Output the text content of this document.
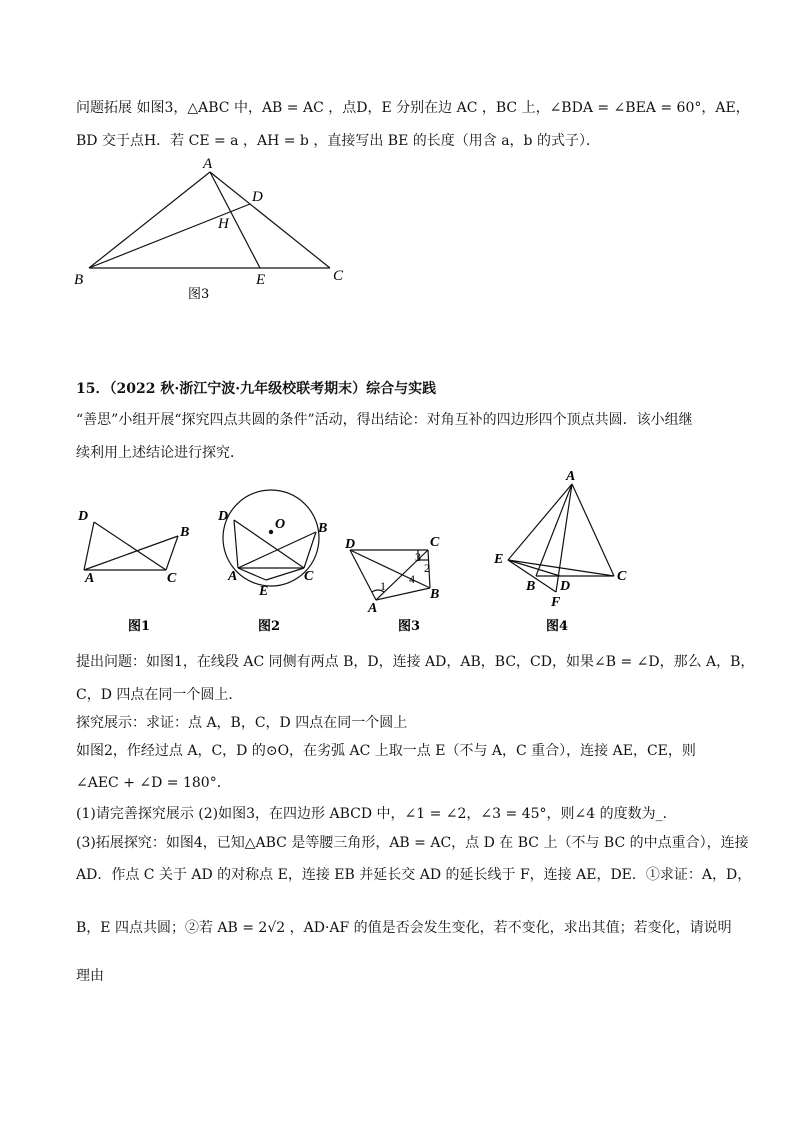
问题拓展 如图3，△ABC 中，AB = AC ，点D，E 分别在边 AC ，BC 上，∠BDA = ∠BEA = 60°，AE，
BD 交于点H．若 CE = a ，AH = b ，直接写出 BE 的长度（用含 a，b 的式子）．
A
D
H
B	E	C
图3
15．（2022 秋·浙江宁波·九年级校联考期末）综合与实践
“善思”小组开展“探究四点共圆的条件”活动，得出结论：对角互补的四边形四个顶点共圆．该小组继
续利用上述结论进行探究．
D
B
A	C
图1
D
O B
A	C
E
图2
D	C
3
2
4
1
B
A
图3
A
E
B D
C
F
图4
提出问题：如图1，在线段 AC 同侧有两点 B，D，连接 AD，AB，BC，CD，如果∠B = ∠D，那么 A，B，
C，D 四点在同一个圆上．
探究展示：求证：点 A，B，C，D 四点在同一个圆上
如图2，作经过点 A，C，D 的⊙O，在劣弧 AC 上取一点 E（不与 A，C 重合），连接 AE，CE，则
∠AEC + ∠D = 180°．
(1)请完善探究展示 (2)如图3，在四边形 ABCD 中，∠1 = ∠2，∠3 = 45°，则∠4 的度数为_．
(3)拓展探究：如图4，已知△ABC 是等腰三角形，AB = AC，点 D 在 BC 上（不与 BC 的中点重合），连接
AD．作点 C 关于 AD 的对称点 E，连接 EB 并延长交 AD 的延长线于 F，连接 AE，DE．①求证：A，D，
B，E 四点共圆；②若 AB = 2√2 ，AD·AF 的值是否会发生变化，若不变化，求出其值；若变化，请说明
理由
